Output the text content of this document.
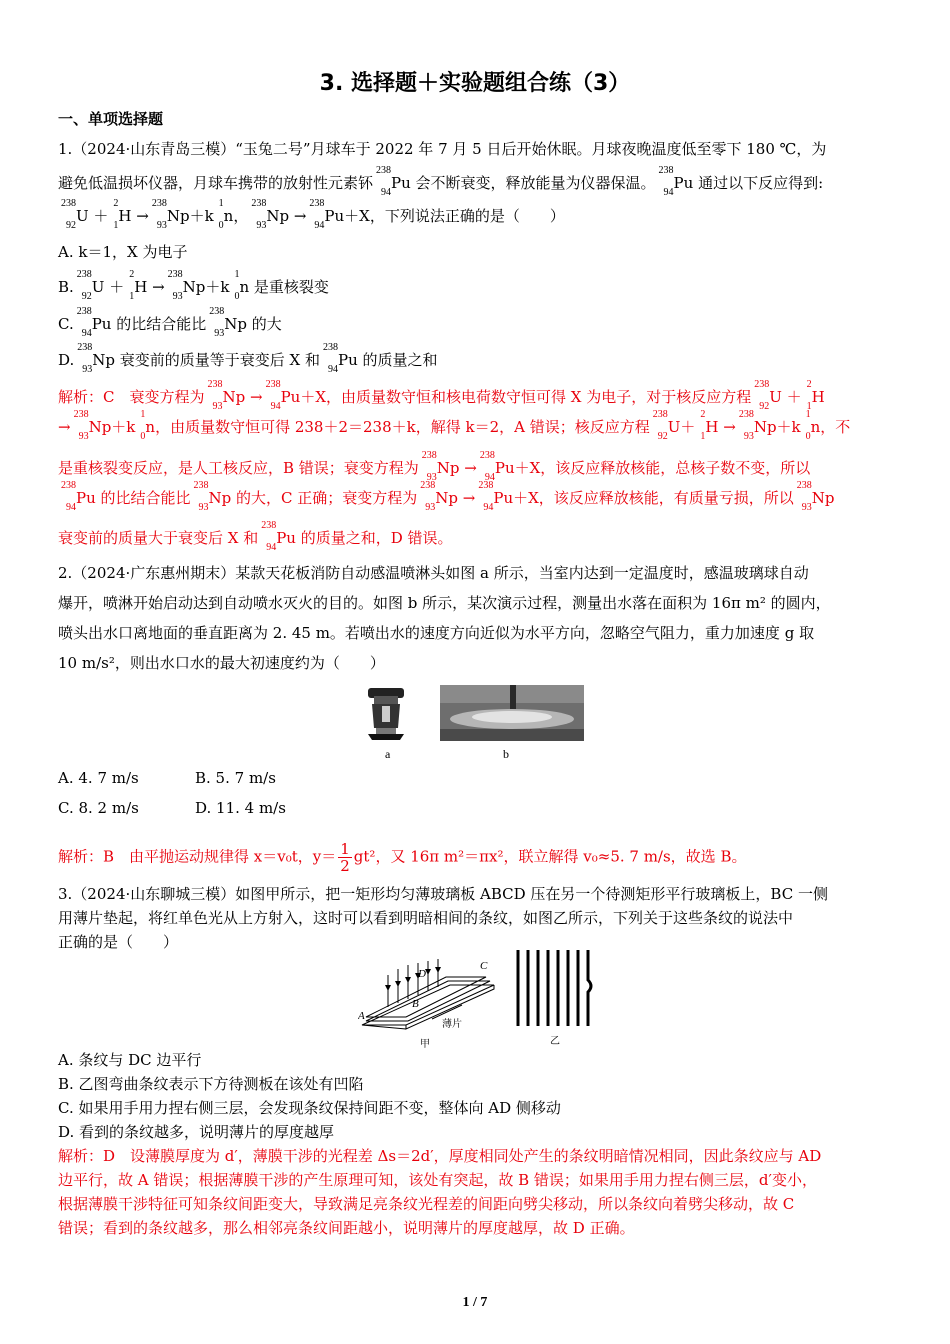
3. 选择题＋实验题组合练（3）
一、单项选择题
1.（2024·山东青岛三模）“玉兔二号”月球车于 2022 年 7 月 5 日后开始休眠。月球夜晚温度低至零下 180 ℃，为
避免低温损坏仪器，月球车携带的放射性元素钚
238
94
Pu 会不断衰变，释放能量为仪器保温。
238
94
Pu 通过以下反应得到:
238
92
U ＋
2
1
H →
238
93
Np＋k
1
0
n，
238
93
Np →
238
94
Pu＋X，下列说法正确的是（　　）
A. k＝1，X 为电子
B.
238
92
U ＋
2
1
H →
238
93
Np＋k
1
0
n 是重核裂变
C.
238
94
Pu 的比结合能比
238
93
Np 的大
D.
238
93
Np 衰变前的质量等于衰变后 X 和
238
94
Pu 的质量之和
解析：C　衰变方程为
238
93
Np →
238
94
Pu＋X，由质量数守恒和核电荷数守恒可得 X 为电子，对于核反应方程
238
92
U ＋
2
1
H
→
238
93
Np＋k
1
0
n，由质量数守恒可得 238＋2＝238＋k，解得 k＝2，A 错误；核反应方程
238
92
U＋
2
1
H →
238
93
Np＋k
1
0
n，不
是重核裂变反应，是人工核反应，B 错误；衰变方程为
238
93
Np →
238
94
Pu＋X，该反应释放核能，总核子数不变，所以
238
94
Pu 的比结合能比
238
93
Np 的大，C 正确；衰变方程为
238
93
Np →
238
94
Pu＋X，该反应释放核能，有质量亏损，所以
238
93
Np
衰变前的质量大于衰变后 X 和
238
94
Pu 的质量之和，D 错误。
2.（2024·广东惠州期末）某款天花板消防自动感温喷淋头如图 a 所示，当室内达到一定温度时，感温玻璃球自动
爆开，喷淋开始启动达到自动喷水灭火的目的。如图 b 所示，某次演示过程，测量出水落在面积为 16π m² 的圆内，
喷头出水口离地面的垂直距离为 2. 45 m。若喷出水的速度方向近似为水平方向，忽略空气阻力，重力加速度 g 取
10 m/s²，则出水口水的最大初速度约为（　　）
a	b
A. 4. 7 m/s	B. 5. 7 m/s
C. 8. 2 m/s	D. 11. 4 m/s
解析：B　由平抛运动规律得 x＝v₀t，$y= \frac{1}{2} gt^2$，又 16π m²＝πx²，联立解得 v₀≈5. 7 m/s，故选 B。
3.（2024·山东聊城三模）如图甲所示，把一矩形均匀薄玻璃板 ABCD 压在另一个待测矩形平行玻璃板上，BC 一侧
用薄片垫起，将红单色光从上方射入，这时可以看到明暗相间的条纹，如图乙所示，下列关于这些条纹的说法中
正确的是（　　）
A
B
C
D
薄片
甲	乙
A. 条纹与 DC 边平行
B. 乙图弯曲条纹表示下方待测板在该处有凹陷
C. 如果用手用力捏右侧三层，会发现条纹保持间距不变，整体向 AD 侧移动
D. 看到的条纹越多，说明薄片的厚度越厚
解析：D　设薄膜厚度为 d′，薄膜干涉的光程差 Δs＝2d′，厚度相同处产生的条纹明暗情况相同，因此条纹应与 AD
边平行，故 A 错误；根据薄膜干涉的产生原理可知，该处有突起，故 B 错误；如果用手用力捏右侧三层，d′变小，
根据薄膜干涉特征可知条纹间距变大，导致满足亮条纹光程差的间距向劈尖移动，所以条纹向着劈尖移动，故 C
错误；看到的条纹越多，那么相邻亮条纹间距越小，说明薄片的厚度越厚，故 D 正确。
1 / 7
